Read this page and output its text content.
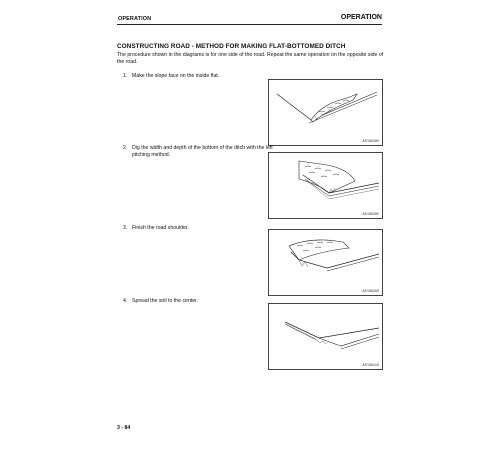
OPERATION	OPERATION
CONSTRUCTING ROAD - METHOD FOR MAKING FLAT-BOTTOMED DITCH
The procedure shown in the diagrams is for one side of the road. Repeat the same operation on the opposite side of the road.
1. Make the slope face on the inside flat.
AE156380
2. Dig the width and depth of the bottom of the ditch with the left
pitching method.
AE156390
3. Finish the road shoulder.
AE156400
4. Spread the soil to the center.
AE156410
3 - 84
